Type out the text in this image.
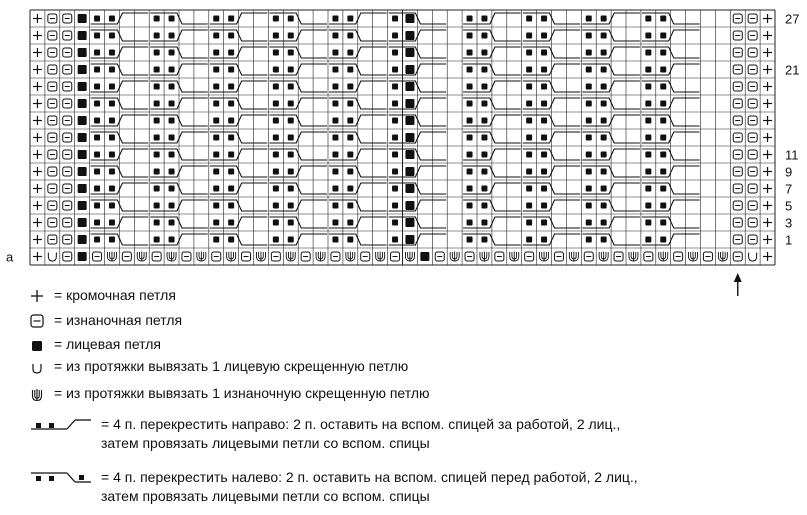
27
21
11
9
7
5
3
1
a
= кромочная петля
= изнаночная петля
= лицевая петля
= из протяжки вывязать 1 лицевую скрещенную петлю
= из протяжки вывязать 1 изнаночную скрещенную петлю
= 4 п. перекрестить направо: 2 п. оставить на вспом. спицей за работой, 2 лиц.,
затем провязать лицевыми петли со вспом. спицы
= 4 п. перекрестить налево: 2 п. оставить на вспом. спицей перед работой, 2 лиц.,
затем провязать лицевыми петли со вспом. спицы
